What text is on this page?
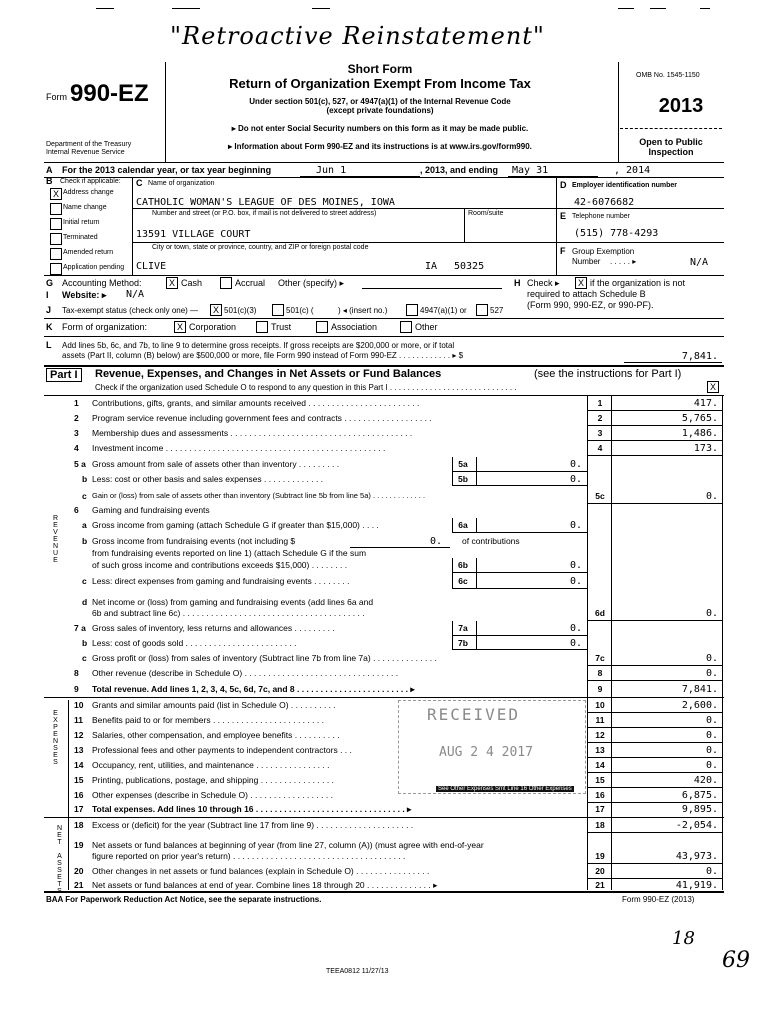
"Retroactive Reinstatement"
Form 990-EZ
Department of the Treasury
Internal Revenue Service
Short Form
Return of Organization Exempt From Income Tax
Under section 501(c), 527, or 4947(a)(1) of the Internal Revenue Code
(except private foundations)
▸ Do not enter Social Security numbers on this form as it may be made public.
▸ Information about Form 990-EZ and its instructions is at www.irs.gov/form990.
OMB No. 1545-1150
2013
Open to Public
Inspection
A For the 2013 calendar year, or tax year beginning	Jun 1	, 2013, and ending May 31	, 2014
B Check if applicable:
X Address change
Name change
Initial return
Terminated
Amended return
Application pending
C Name of organization
CATHOLIC WOMAN'S LEAGUE OF DES MOINES, IOWA
Number and street (or P.O. box, if mail is not delivered to street address)	Room/suite
13591 VILLAGE COURT
City or town, state or province, country, and ZIP or foreign postal code
CLIVE	IA 50325
D Employer identification number
42-6076682
E Telephone number
(515) 778-4293
F Group Exemption
Number . . . . . ▸	N/A
G Accounting Method:	X Cash	Accrual Other (specify) ▸	H Check ▸	X if the organization is not
required to attach Schedule B
(Form 990, 990-EZ, or 990-PF).
I Website: ▸ N/A
J Tax-exempt status (check only one) —	X 501(c)(3)	501(c) (	) ◂ (insert no.)	4947(a)(1) or	527
K Form of organization:	X Corporation	Trust	Association	Other
L Add lines 5b, 6c, and 7b, to line 9 to determine gross receipts. If gross receipts are $200,000 or more, or if total
assets (Part II, column (B) below) are $500,000 or more, file Form 990 instead of Form 990-EZ . . . . . . . . . . . . ▸ $	7,841.
Part I	Revenue, Expenses, and Changes in Net Assets or Fund Balances	(see the instructions for Part I)
Check if the organization used Schedule O to respond to any question in this Part I . . . . . . . . . . . . . . . . . . . . . . . . . . . . .	X
REVENUE
EXPENSES
NET ASSETS
1 Contributions, gifts, grants, and similar amounts received . . . . . . . . . . . . . . . . . . . . . . . .	1	417.
2 Program service revenue including government fees and contracts . . . . . . . . . . . . . . . . . . .	2	5,765.
3 Membership dues and assessments . . . . . . . . . . . . . . . . . . . . . . . . . . . . . . . . . . . . . . .	3	1,486.
4 Investment income . . . . . . . . . . . . . . . . . . . . . . . . . . . . . . . . . . . . . . . . . . . . . . .	4	173.
5 a Gross amount from sale of assets other than inventory . . . . . . . . .	5a	0.
b Less: cost or other basis and sales expenses . . . . . . . . . . . . .	5b	0.
c Gain or (loss) from sale of assets other than inventory (Subtract line 5b from line 5a) . . . . . . . . . . . . .	5c	0.
6 Gaming and fundraising events
a Gross income from gaming (attach Schedule G if greater than $15,000) . . . .	6a	0.
b Gross income from fundraising events (not including $	0. of contributions
from fundraising events reported on line 1) (attach Schedule G if the sum
of such gross income and contributions exceeds $15,000) . . . . . . . .	6b	0.
c Less: direct expenses from gaming and fundraising events . . . . . . . .	6c	0.
d Net income or (loss) from gaming and fundraising events (add lines 6a and
6b and subtract line 6c) . . . . . . . . . . . . . . . . . . . . . . . . . . . . . . . . . . . . . . .	6d	0.
7 a Gross sales of inventory, less returns and allowances . . . . . . . . .	7a	0.
b Less: cost of goods sold . . . . . . . . . . . . . . . . . . . . . . . .	7b	0.
c Gross profit or (loss) from sales of inventory (Subtract line 7b from line 7a) . . . . . . . . . . . . . .	7c	0.
8 Other revenue (describe in Schedule O) . . . . . . . . . . . . . . . . . . . . . . . . . . . . . . . . .	8	0.
9 Total revenue. Add lines 1, 2, 3, 4, 5c, 6d, 7c, and 8 . . . . . . . . . . . . . . . . . . . . . . . . ▸	9	7,841.
10 Grants and similar amounts paid (list in Schedule O) . . . . . . . . . .	10	2,600.
11 Benefits paid to or for members . . . . . . . . . . . . . . . . . . . . . . . .	11	0.
12 Salaries, other compensation, and employee benefits . . . . . . . . . .	12	0.
13 Professional fees and other payments to independent contractors . . .	13	0.
14 Occupancy, rent, utilities, and maintenance . . . . . . . . . . . . . . . .	14	0.
15 Printing, publications, postage, and shipping . . . . . . . . . . . . . . . .	15	420.
16 Other expenses (describe in Schedule O) . . . . . . . . . . . . . . . . . .
See Other Expenses Smt Line 16 Other Expenses
16	6,875.
17 Total expenses. Add lines 10 through 16 . . . . . . . . . . . . . . . . . . . . . . . . . . . . . . . . ▸	17	9,895.
18 Excess or (deficit) for the year (Subtract line 17 from line 9) . . . . . . . . . . . . . . . . . . . . .	18	-2,054.
19 Net assets or fund balances at beginning of year (from line 27, column (A)) (must agree with end-of-year
figure reported on prior year's return) . . . . . . . . . . . . . . . . . . . . . . . . . . . . . . . . . . . . .	19	43,973.
20 Other changes in net assets or fund balances (explain in Schedule O) . . . . . . . . . . . . . . . .	20	0.
21 Net assets or fund balances at end of year. Combine lines 18 through 20 . . . . . . . . . . . . . . ▸	21	41,919.
RECEIVED
AUG 2 4 2017
BAA For Paperwork Reduction Act Notice, see the separate instructions.	Form 990-EZ (2013)
TEEA0812 11/27/13
18
69
